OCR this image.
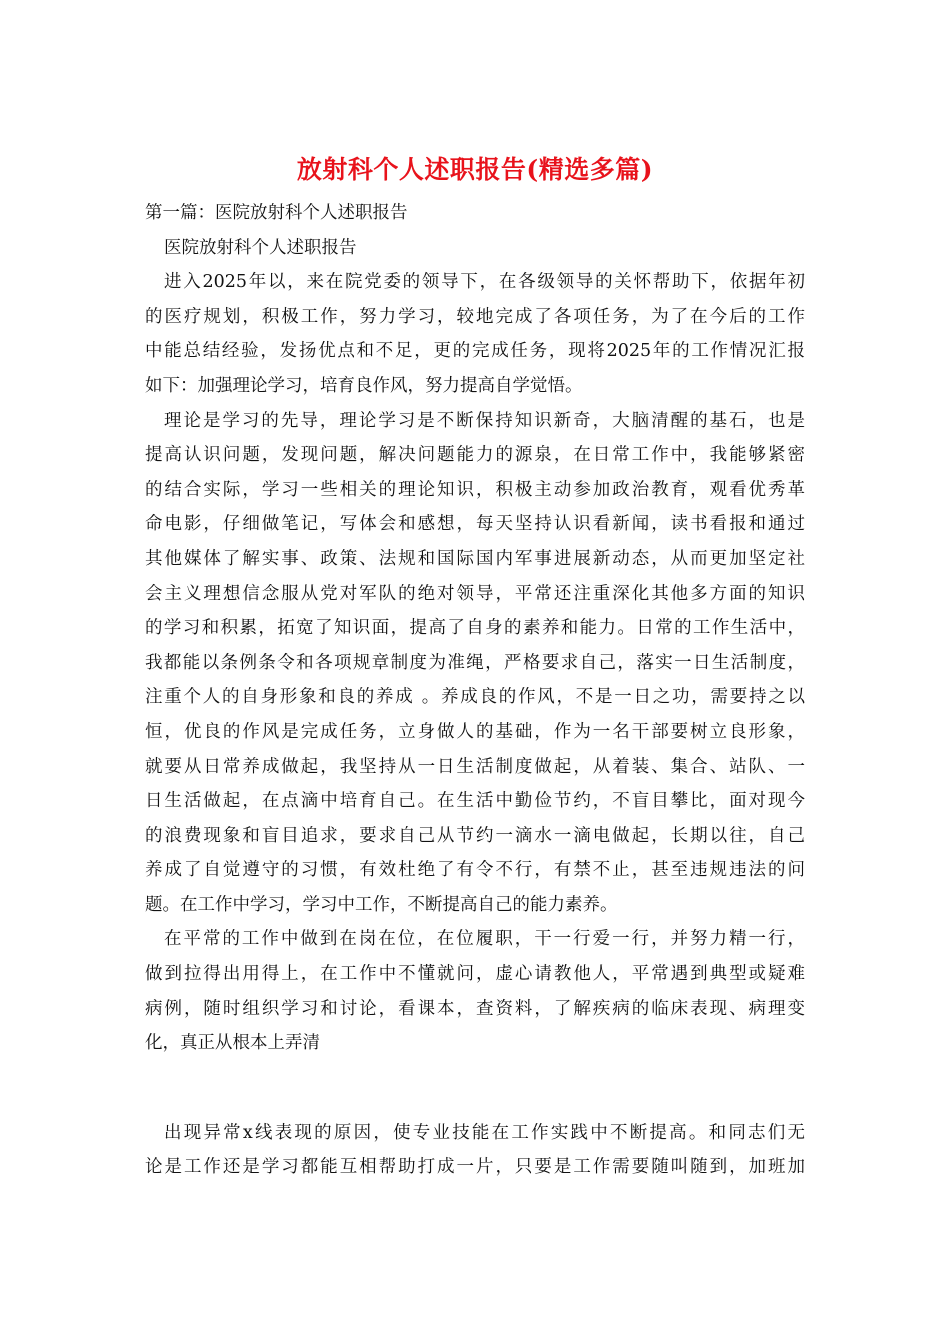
放射科个人述职报告(精选多篇)
第一篇：医院放射科个人述职报告
医院放射科个人述职报告
进入2025年以，来在院党委的领导下，在各级领导的关怀帮助下，依据年初
的医疗规划，积极工作，努力学习，较地完成了各项任务，为了在今后的工作
中能总结经验，发扬优点和不足，更的完成任务，现将2025年的工作情况汇报
如下：加强理论学习，培育良作风，努力提高自学觉悟。
理论是学习的先导，理论学习是不断保持知识新奇，大脑清醒的基石，也是
提高认识问题，发现问题，解决问题能力的源泉，在日常工作中，我能够紧密
的结合实际，学习一些相关的理论知识，积极主动参加政治教育，观看优秀革
命电影，仔细做笔记，写体会和感想，每天坚持认识看新闻，读书看报和通过
其他媒体了解实事、政策、法规和国际国内军事进展新动态，从而更加坚定社
会主义理想信念服从党对军队的绝对领导，平常还注重深化其他多方面的知识
的学习和积累，拓宽了知识面，提高了自身的素养和能力。日常的工作生活中，
我都能以条例条令和各项规章制度为准绳，严格要求自己，落实一日生活制度，
注重个人的自身形象和良的养成 。养成良的作风，不是一日之功，需要持之以
恒，优良的作风是完成任务，立身做人的基础，作为一名干部要树立良形象，
就要从日常养成做起，我坚持从一日生活制度做起，从着装、集合、站队、一
日生活做起，在点滴中培育自己。在生活中勤俭节约，不盲目攀比，面对现今
的浪费现象和盲目追求，要求自己从节约一滴水一滴电做起，长期以往，自己
养成了自觉遵守的习惯，有效杜绝了有令不行，有禁不止，甚至违规违法的问
题。在工作中学习，学习中工作，不断提高自己的能力素养。
在平常的工作中做到在岗在位，在位履职，干一行爱一行，并努力精一行，
做到拉得出用得上，在工作中不懂就问，虚心请教他人，平常遇到典型或疑难
病例，随时组织学习和讨论，看课本，查资料，了解疾病的临床表现、病理变
化，真正从根本上弄清
出现异常x线表现的原因，使专业技能在工作实践中不断提高。和同志们无
论是工作还是学习都能互相帮助打成一片，只要是工作需要随叫随到，加班加
